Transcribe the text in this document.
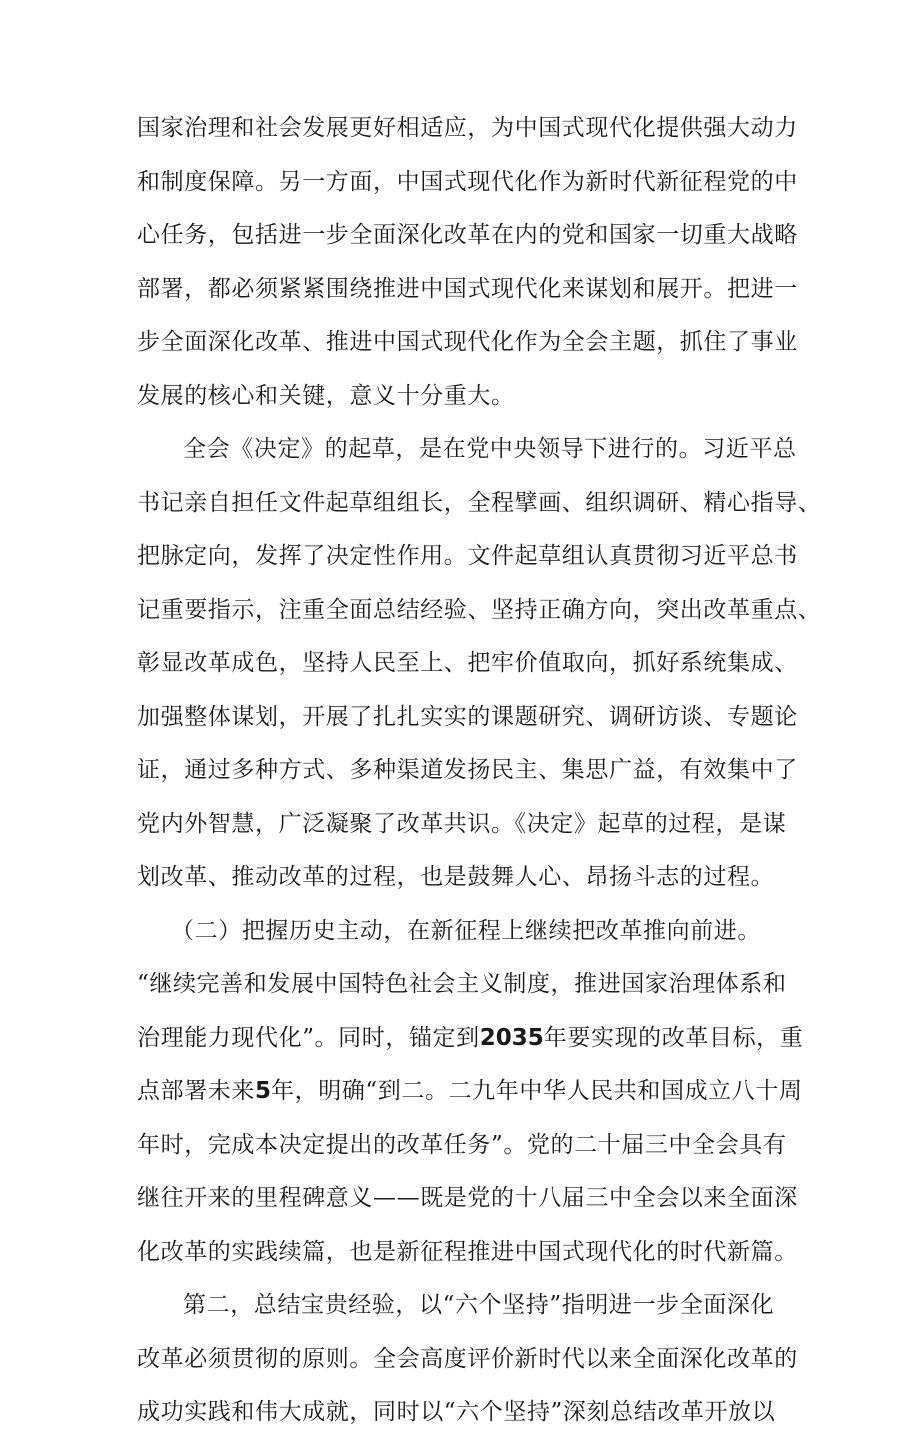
国家治理和社会发展更好相适应，为中国式现代化提供强大动力
和制度保障。另一方面，中国式现代化作为新时代新征程党的中
心任务，包括进一步全面深化改革在内的党和国家一切重大战略
部署，都必须紧紧围绕推进中国式现代化来谋划和展开。把进一
步全面深化改革、推进中国式现代化作为全会主题，抓住了事业
发展的核心和关键，意义十分重大。
全会《决定》的起草，是在党中央领导下进行的。习近平总
书记亲自担任文件起草组组长，全程擘画、组织调研、精心指导、
把脉定向，发挥了决定性作用。文件起草组认真贯彻习近平总书
记重要指示，注重全面总结经验、坚持正确方向，突出改革重点、
彰显改革成色，坚持人民至上、把牢价值取向，抓好系统集成、
加强整体谋划，开展了扎扎实实的课题研究、调研访谈、专题论
证，通过多种方式、多种渠道发扬民主、集思广益，有效集中了
党内外智慧，广泛凝聚了改革共识。《决定》起草的过程，是谋
划改革、推动改革的过程，也是鼓舞人心、昂扬斗志的过程。
（二）把握历史主动，在新征程上继续把改革推向前进。
“继续完善和发展中国特色社会主义制度，推进国家治理体系和
治理能力现代化”。同时，锚定到2035年要实现的改革目标，重
点部署未来5年，明确“到二。二九年中华人民共和国成立八十周
年时，完成本决定提出的改革任务”。党的二十届三中全会具有
继往开来的里程碑意义——既是党的十八届三中全会以来全面深
化改革的实践续篇，也是新征程推进中国式现代化的时代新篇。
第二，总结宝贵经验，以“六个坚持”指明进一步全面深化
改革必须贯彻的原则。全会高度评价新时代以来全面深化改革的
成功实践和伟大成就，同时以“六个坚持”深刻总结改革开放以
